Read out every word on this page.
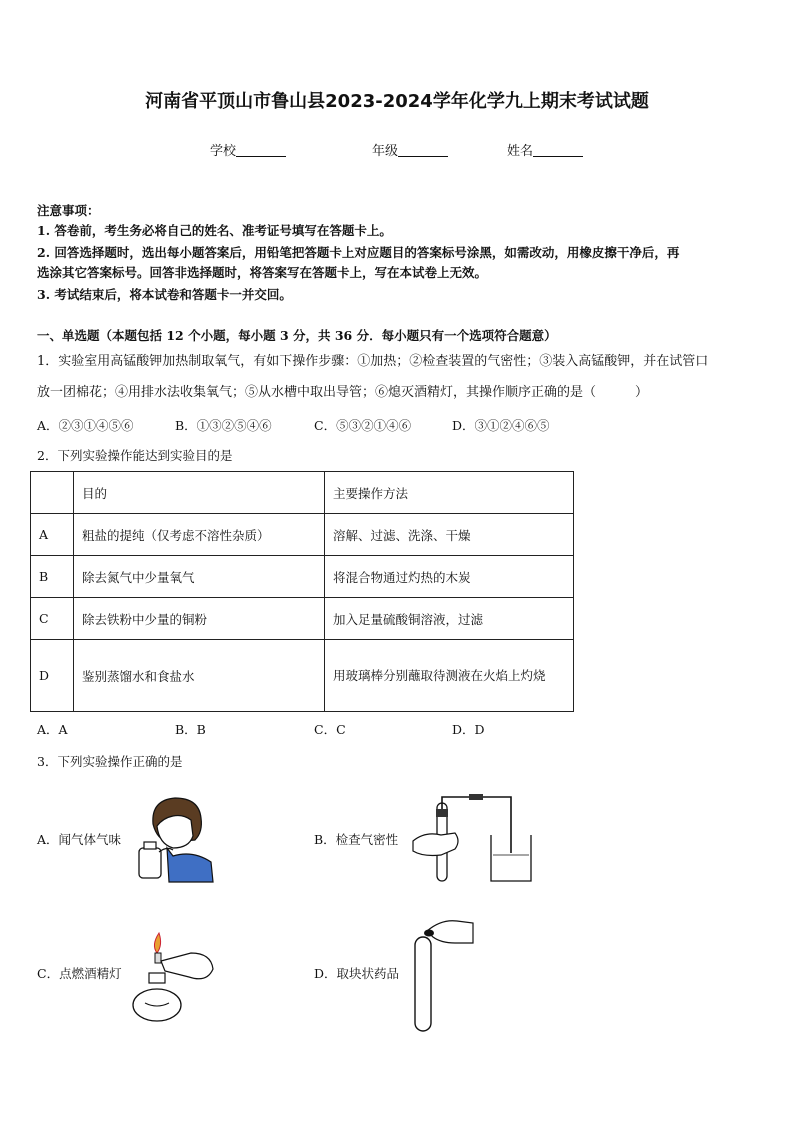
河南省平顶山市鲁山县2023-2024学年化学九上期末考试试题
学校	年级	姓名
注意事项：
1. 答卷前，考生务必将自己的姓名、准考证号填写在答题卡上。
2. 回答选择题时，选出每小题答案后，用铅笔把答题卡上对应题目的答案标号涂黑，如需改动，用橡皮擦干净后，再
选涂其它答案标号。回答非选择题时，将答案写在答题卡上，写在本试卷上无效。
3. 考试结束后，将本试卷和答题卡一并交回。
一、单选题（本题包括 12 个小题，每小题 3 分，共 36 分．每小题只有一个选项符合题意）
1．实验室用高锰酸钾加热制取氧气，有如下操作步骤：①加热；②检查装置的气密性；③装入高锰酸钾，并在试管口
放一团棉花；④用排水法收集氧气；⑤从水槽中取出导管；⑥熄灭酒精灯，其操作顺序正确的是（　　　）
A．②③①④⑤⑥	B．①③②⑤④⑥	C．⑤③②①④⑥	D．③①②④⑥⑤
2．下列实验操作能达到实验目的是
	目的	主要操作方法
A	粗盐的提纯（仅考虑不溶性杂质）	溶解、过滤、洗涤、干燥
B	除去氮气中少量氧气	将混合物通过灼热的木炭
C	除去铁粉中少量的铜粉	加入足量硫酸铜溶液，过滤
D	鉴别蒸馏水和食盐水	用玻璃棒分别蘸取待测液在火焰上灼烧
A．A	B．B	C．C	D．D
3．下列实验操作正确的是
A．闻气体气味	B．检查气密性
C．点燃酒精灯	D．取块状药品
